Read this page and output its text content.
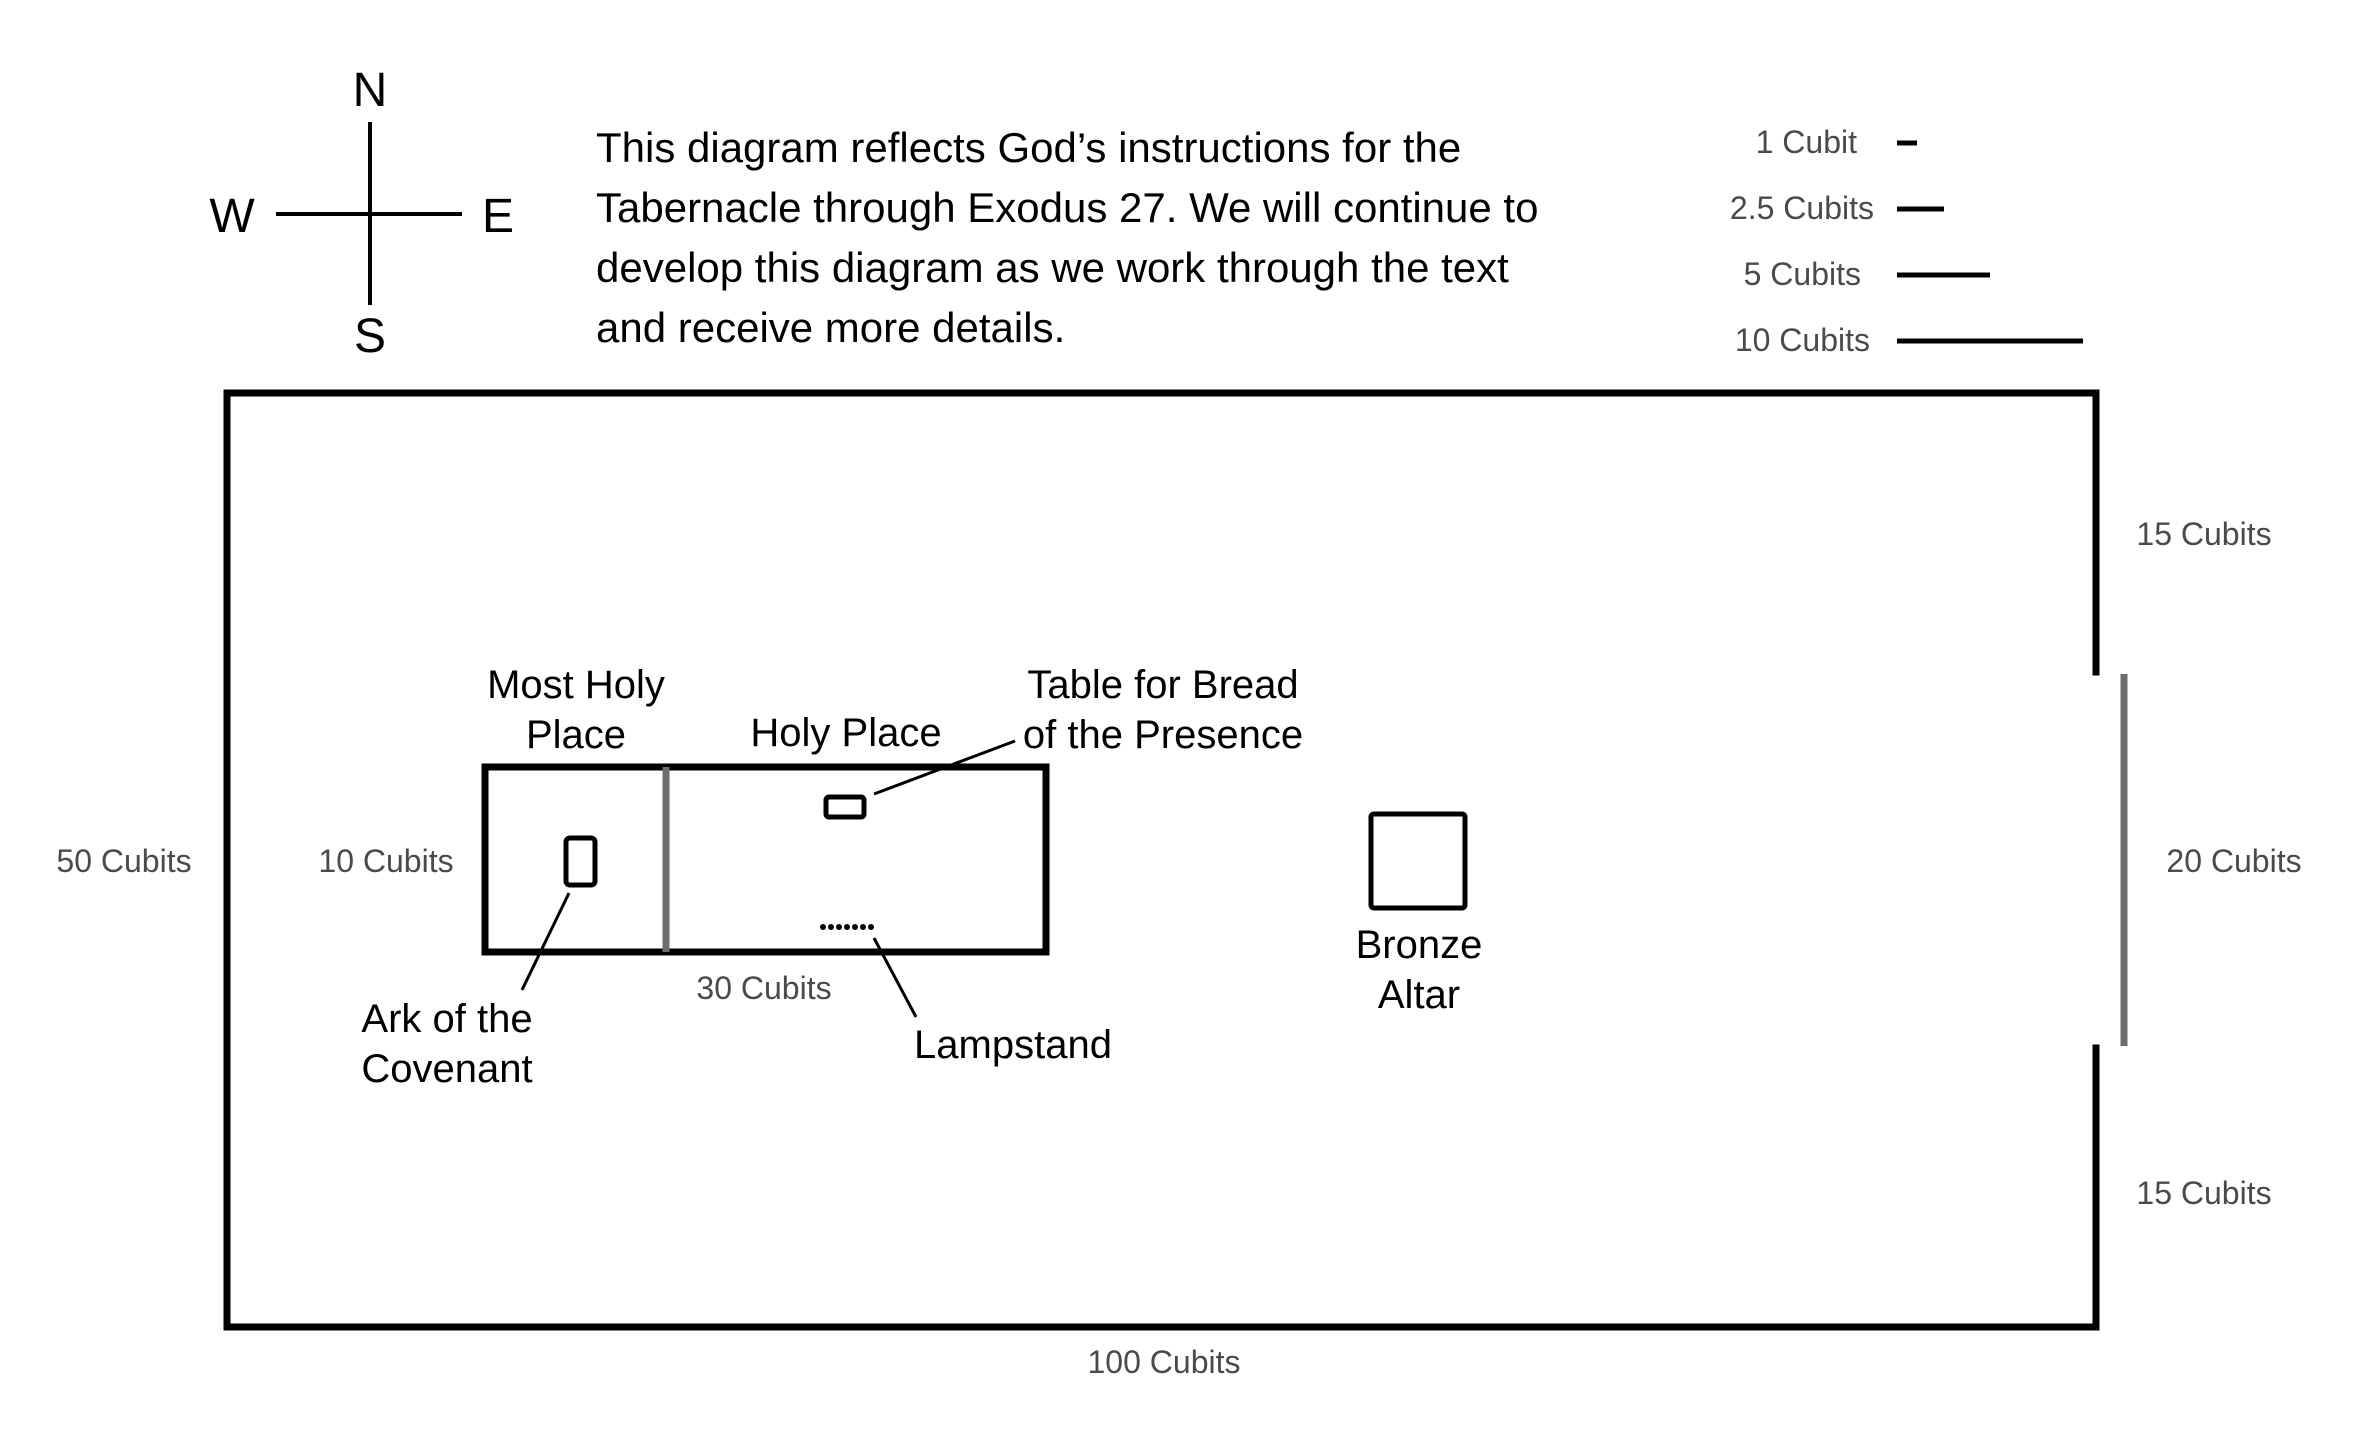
N
S
W	E
This diagram reflects God’s instructions for the
Tabernacle through Exodus 27. We will continue to
develop this diagram as we work through the text
and receive more details.
1 Cubit
2.5 Cubits
5 Cubits
10 Cubits
Most Holy
Place	Holy Place
Ark of the
Covenant
Table for Bread
of the Presence
Lampstand
Bronze
Altar
50 Cubits	10 Cubits
30 Cubits
100 Cubits
15 Cubits
20 Cubits
15 Cubits
